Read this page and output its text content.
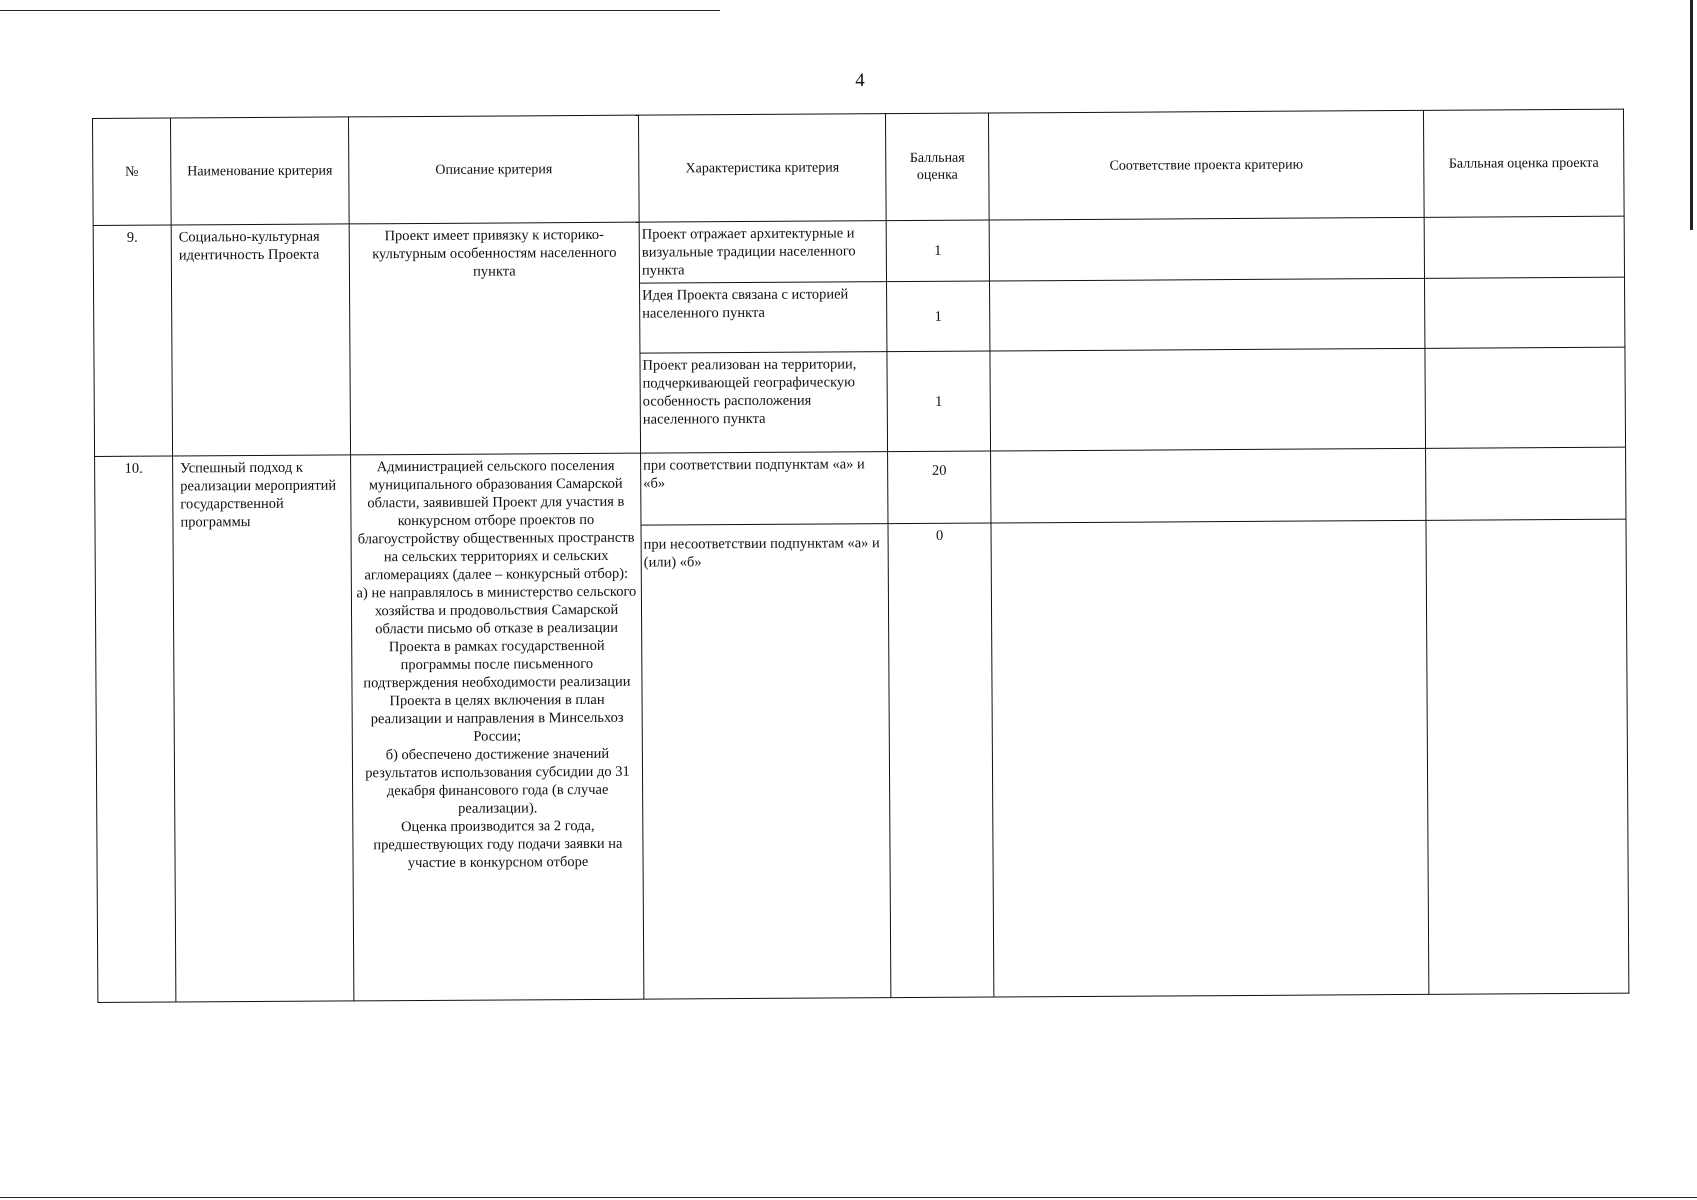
4
№	Наименование критерия	Описание критерия	Характеристика критерия	Балльная оценка	Соответствие проекта критерию	Балльная оценка проекта
9.	Социально-культурная идентичность Проекта	Проект имеет привязку к историко-культурным особенностям населенного пункта	Проект отражает архитектурные и визуальные традиции населенного пункта	1		
			Идея Проекта связана с историей населенного пункта	1		
			Проект реализован на территории, подчеркивающей географическую особенность расположения населенного пункта	1		
10.	Успешный подход к реализации мероприятий государственной программы	Администрацией сельского поселения муниципального образования Самарской области, заявившей Проект для участия в конкурсном отборе проектов по благоустройству общественных пространств на сельских территориях и сельских агломерациях (далее – конкурсный отбор):
а) не направлялось в министерство сельского хозяйства и продовольствия Самарской области письмо об отказе в реализации Проекта в рамках государственной программы после письменного подтверждения необходимости реализации Проекта в целях включения в план реализации и направления в Минсельхоз России;
б) обеспечено достижение значений результатов использования субсидии до 31 декабря финансового года (в случае реализации).
Оценка производится за 2 года, предшествующих году подачи заявки на участие в конкурсном отборе	при соответствии подпунктам «а» и «б»	20		
			при несоответствии подпунктам «а» и (или) «б»	0		
